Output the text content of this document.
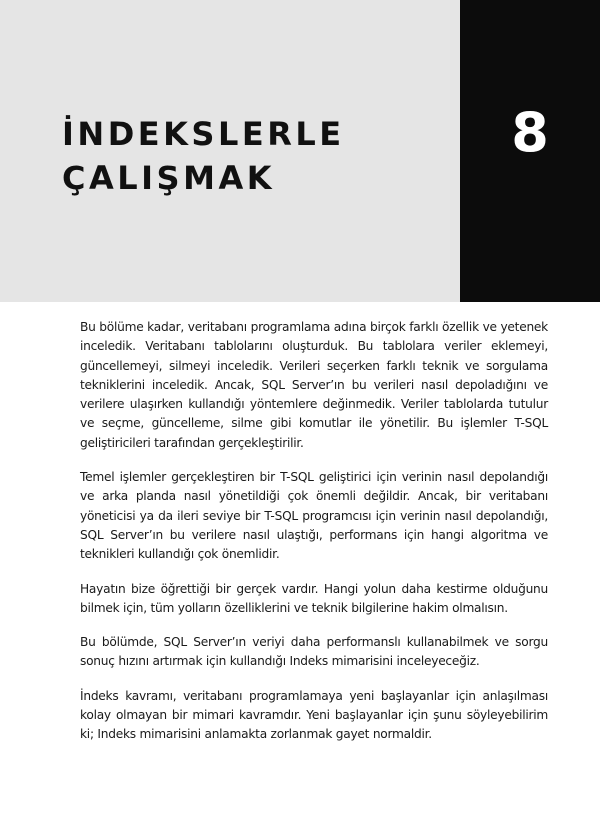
İNDEKSLERLE
ÇALIŞMAK
8

Bu bölüme kadar, veritabanı programlama adına birçok farklı özellik ve yetenek inceledik. Veritabanı tablolarını oluşturduk. Bu tablolara veriler eklemeyi, güncellemeyi, silmeyi inceledik. Verileri seçerken farklı teknik ve sorgulama tekniklerini inceledik. Ancak, SQL Server’ın bu verileri nasıl depoladığını ve verilere ulaşırken kullandığı yöntemlere değinmedik. Veriler tablolarda tutulur ve seçme, güncelleme, silme gibi komutlar ile yönetilir. Bu işlemler T-SQL geliştiricileri tarafından gerçekleştirilir.

Temel işlemler gerçekleştiren bir T-SQL geliştirici için verinin nasıl depolandığı ve arka planda nasıl yönetildiği çok önemli değildir. Ancak, bir veritabanı yöneticisi ya da ileri seviye bir T-SQL programcısı için verinin nasıl depolandığı, SQL Server’ın bu verilere nasıl ulaştığı, performans için hangi algoritma ve teknikleri kullandığı çok önemlidir.

Hayatın bize öğrettiği bir gerçek vardır. Hangi yolun daha kestirme olduğunu bilmek için, tüm yolların özelliklerini ve teknik bilgilerine hakim olmalısın.

Bu bölümde, SQL Server’ın veriyi daha performanslı kullanabilmek ve sorgu sonuç hızını artırmak için kullandığı Indeks mimarisini inceleyeceğiz.

İndeks kavramı, veritabanı programlamaya yeni başlayanlar için anlaşılması kolay olmayan bir mimari kavramdır. Yeni başlayanlar için şunu söyleyebilirim ki; Indeks mimarisini anlamakta zorlanmak gayet normaldir.
